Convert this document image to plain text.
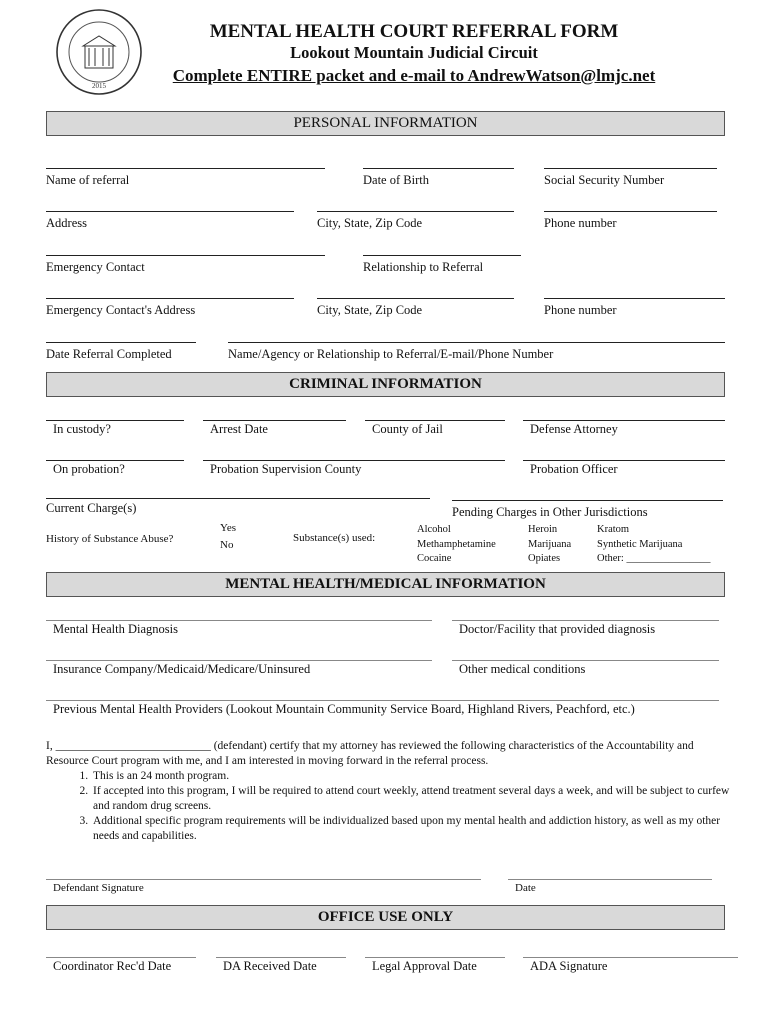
2015
MENTAL HEALTH COURT REFERRAL FORM
Lookout Mountain Judicial Circuit
Complete ENTIRE packet and e-mail to AndrewWatson@lmjc.net
PERSONAL INFORMATION
Name of referral	Date of Birth	Social Security Number
Address	City, State, Zip Code	Phone number
Emergency Contact	Relationship to Referral
Emergency Contact's Address	City, State, Zip Code	Phone number
Date Referral Completed	Name/Agency or Relationship to Referral/E-mail/Phone Number
CRIMINAL INFORMATION
In custody?	Arrest Date	County of Jail	Defense Attorney
On probation?	Probation Supervision County	Probation Officer
Current Charge(s)	Pending Charges in Other Jurisdictions
History of Substance Abuse?
Yes
No
Substance(s) used:
Alcohol
Methamphetamine
Cocaine
Heroin
Marijuana
Opiates
Kratom
Synthetic Marijuana
Other: ________________
MENTAL HEALTH/MEDICAL INFORMATION
Mental Health Diagnosis	Doctor/Facility that provided diagnosis
Insurance Company/Medicaid/Medicare/Uninsured	Other medical conditions
Previous Mental Health Providers (Lookout Mountain Community Service Board, Highland Rivers, Peachford, etc.)
I, ___________________________ (defendant) certify that my attorney has reviewed the following characteristics of the Accountability and Resource Court program with me, and I am interested in moving forward in the referral process.
1. This is an 24 month program.
2. If accepted into this program, I will be required to attend court weekly, attend treatment several days a week, and will be subject to curfew and random drug screens.
3. Additional specific program requirements will be individualized based upon my mental health and addiction history, as well as my other needs and capabilities.
Defendant Signature	Date
OFFICE USE ONLY
Coordinator Rec'd Date	DA Received Date	Legal Approval Date	ADA Signature
